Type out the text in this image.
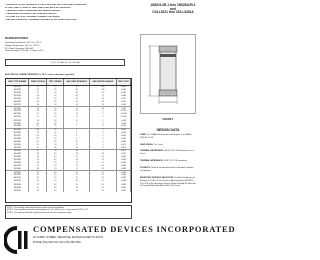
• 1N5221UR-1 thru 1N5281UR-1 AND CDLL5221 thru CDLL5281 AVAILABLE
in JAN, JANTX, JANTXV AND JANS PER MIL-PRF-19500/435
• TEMPERATURE COMPENSATED ZENER DIODES
• LEADLESS PACKAGE FOR SURFACE MOUNT
• 0.5 AND 0.25 VOLT NOMINAL ZENER VOLTAGES
• METALLURGICALLY BONDED, DOUBLE PLUG CONSTRUCTION
1N5221UR-1 thru 1N5281UR-1
and
CDLL5221 thru CDLL5281A
MAXIMUM RATINGS
Operating Temperature: -65°C to +175°C
Storage Temperature: -65°C to +175°C
DC Power Dissipation: 500 mW
Power Derating: 3.33 mW / °C above +25°C
V_F = 1.1 Volts @ I_F = 200 mA
ELECTRICAL CHARACTERISTICS @ 25°C, unless otherwise specified
JEDEC TYPE NUMBER	ZENER VOLTAGE	TEST CURRENT	MAX ZENER IMPEDANCE	MAX REVERSE LEAKAGE	TEMP COEFF
1N5221B	2.4	20	30	100	-0.085
1N5222B	2.5	20	30	100	-0.085
1N5223B	2.7	20	30	75	-0.080
1N5224B	2.8	20	30	75	-0.080
1N5225B	3.0	20	29	50	-0.075
1N5226B	3.3	20	28	25	-0.070
1N5227B	3.6	20	24	15	-0.065
1N5228B	3.9	20	23	10	-0.060
1N5229B	4.3	20	22	5	+/-0.055
1N5230B	4.7	20	19	5	+/-0.030
1N5231B	5.1	20	17	5	+/-0.030
1N5232B	5.6	20	11	5	+0.038
1N5233B	6.0	20	7	5	+0.038
1N5234B	6.2	20	7	5	+0.045
1N5235B	6.8	20	5	3	+0.050
1N5236B	7.5	20	6	3	+0.058
1N5237B	8.2	20	8	3	+0.062
1N5238B	8.7	20	8	3	+0.065
1N5239B	9.1	20	10	3	+0.068
1N5240B	10	20	17	3	+0.075
1N5241B	11	20	22	2	+0.076
1N5242B	12	20	30	1	+0.077
1N5243B	13	9.5	13	0.5	+0.079
1N5244B	14	9.0	15	0.1	+0.082
1N5245B	15	8.5	16	0.1	+0.082
1N5246B	16	7.8	17	0.1	+0.083
1N5247B	17	7.4	19	0.1	+0.084
1N5248B	18	7.0	21	0.1	+0.085
1N5249B	19	6.6	23	0.1	+0.086
1N5250B	20	6.2	25	0.1	+0.086
1N5251B	22	5.6	29	0.1	+0.087
1N5252B	24	5.2	33	0.1	+0.088
1N5253B	25	5.0	35	0.1	+0.089
1N5254B	27	4.6	41	0.1	+0.090
1N5255B	28	4.5	44	0.1	+0.091
NOTE 1: Zener voltage measured with device junction in thermal equilibrium.
NOTE 2: Zener impedance derived by superimposing on I_ZT a 60 Hz rms a.c. current equal to 10% of I_ZT.
NOTE 3: The maximum allowable change observed over the entire temperature range.
FIGURE 1
DESIGN DATA
CASE: DO-213AA, Hermetically sealed glass case (MELF, SOD-80, LL34)
LEAD FINISH: Tin / Lead
THERMAL RESISTANCE: (RθJC) 100 °C/W maximum at L = 0 inch
THERMAL IMPEDANCE: (ZθJC) 35 °C/W maximum
POLARITY: Diode to be operated with the banded (cathode) end positive.
MOUNTING SURFACE SELECTION: The Axial Coefficient of Expansion (COE) Of this Device is Approximately ±6PPM/°C. The COE of the Mounting Surface System Should Be Selected To Provide A Suitable Match With This Device.
COMPENSATED DEVICES INCORPORATED
22 COREY STREET, MELROSE, MASSACHUSETTS 02176
PHONE (781) 665-1071 FAX (781) 665-3330
